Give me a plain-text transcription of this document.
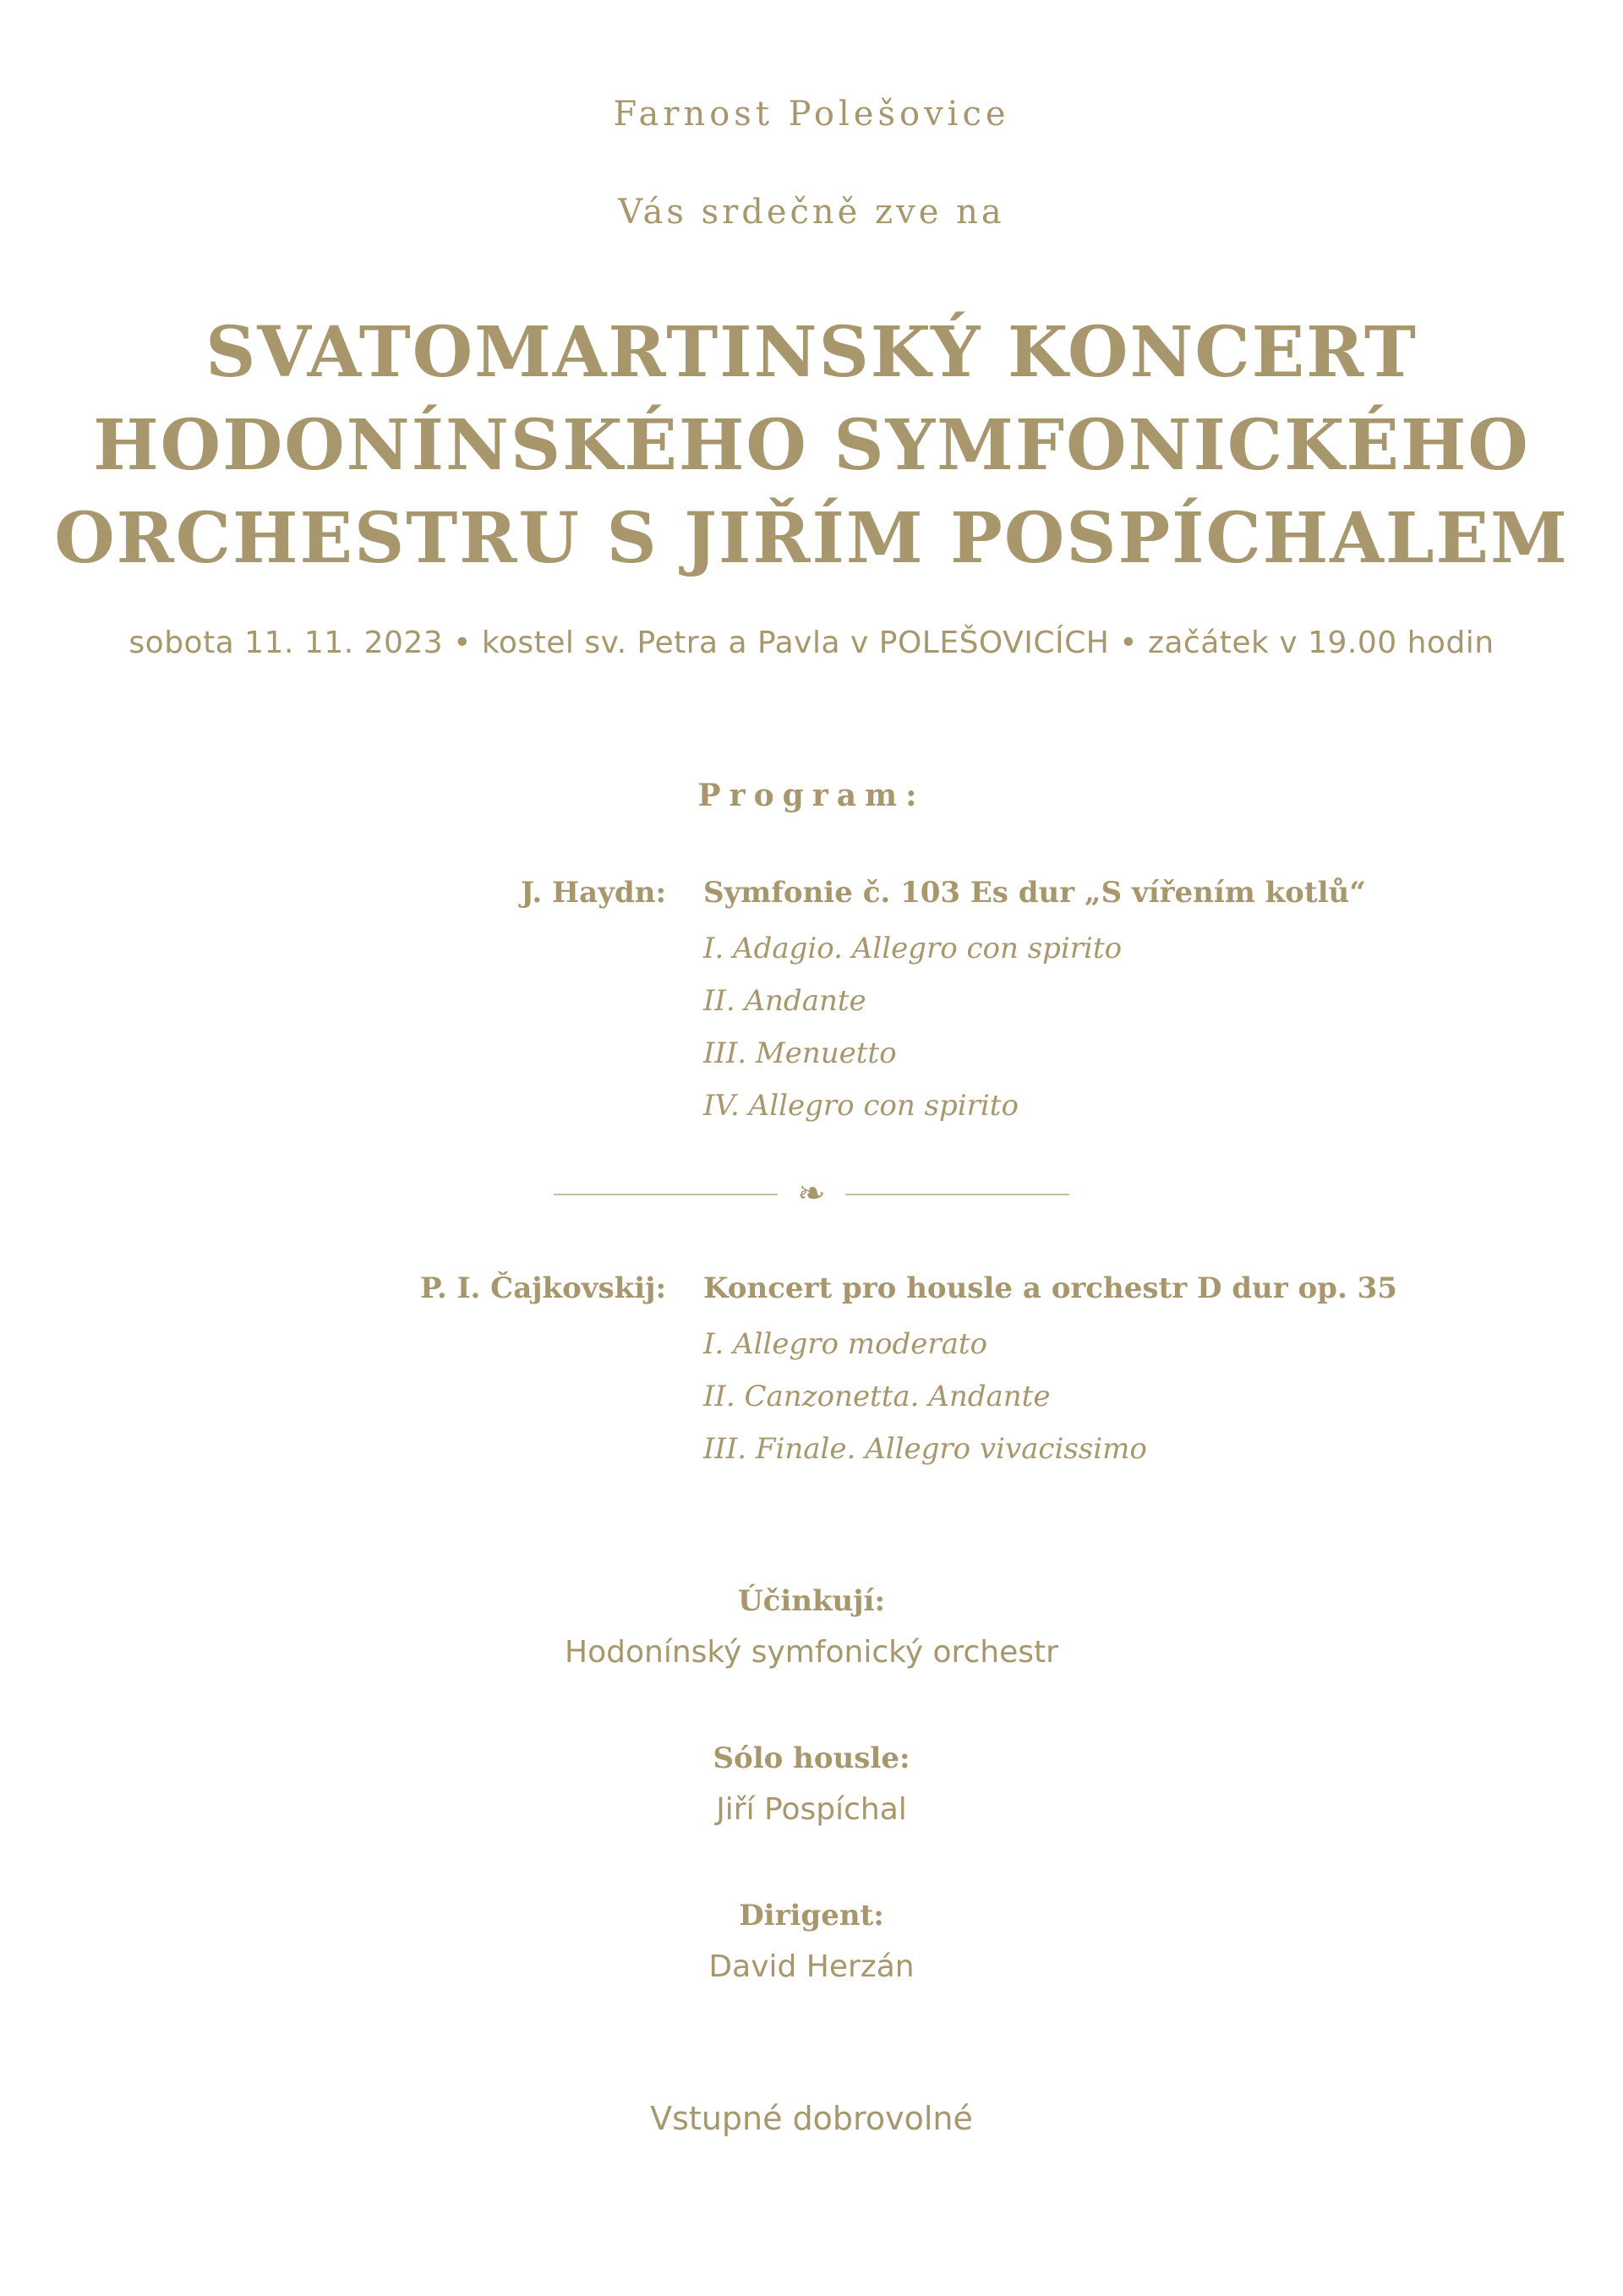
Farnost Polešovice
Vás srdečně zve na
SVATOMARTINSKÝ KONCERT
HODONÍNSKÉHO SYMFONICKÉHO
ORCHESTRU S JIŘÍM POSPÍCHALEM
sobota 11. 11. 2023 • kostel sv. Petra a Pavla v POLEŠOVICÍCH • začátek v 19.00 hodin
Program:
J. Haydn: Symfonie č. 103 Es dur „S vířením kotlů“
I. Adagio. Allegro con spirito
II. Andante
III. Menuetto
IV. Allegro con spirito
❧
P. I. Čajkovskij: Koncert pro housle a orchestr D dur op. 35
I. Allegro moderato
II. Canzonetta. Andante
III. Finale. Allegro vivacissimo
Účinkují:
Hodonínský symfonický orchestr
Sólo housle:
Jiří Pospíchal
Dirigent:
David Herzán
Vstupné dobrovolné
